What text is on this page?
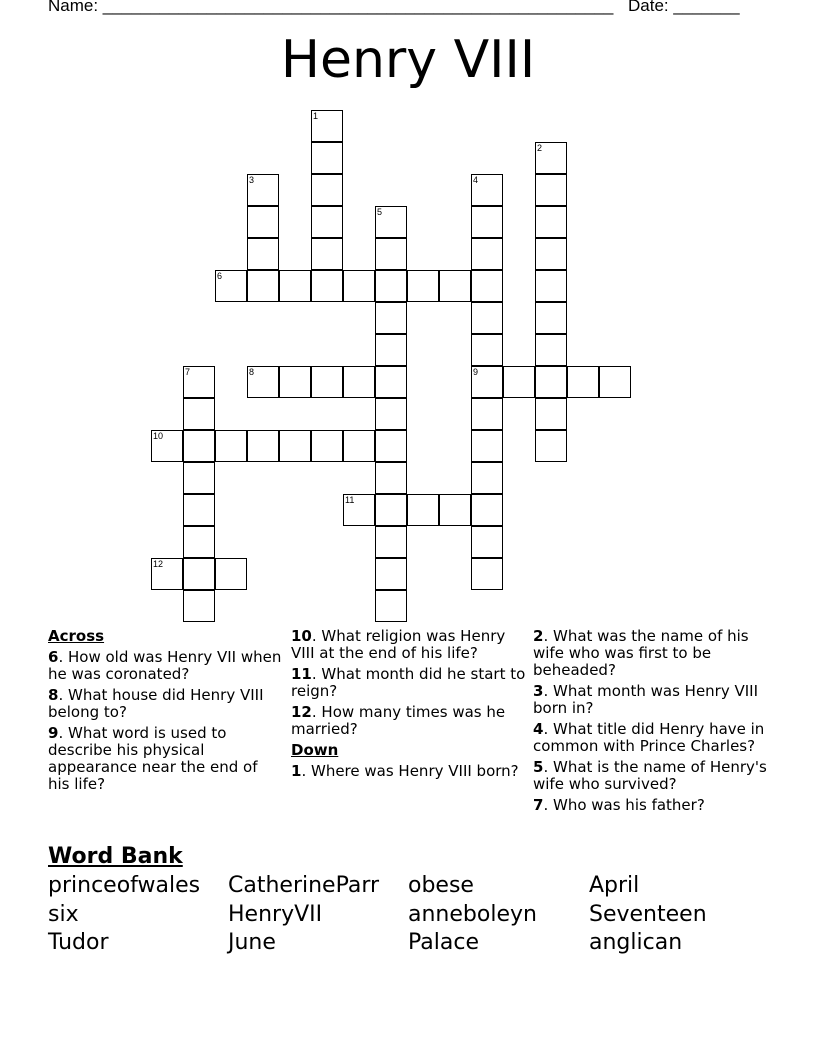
Name: ______________________________________________________ Date: _______
Henry VIII
1
2
3	4
5
6
7	8	9
10
11
12
Across

6. How old was Henry VII when he was coronated?

8. What house did Henry VIII belong to?

9. What word is used to describe his physical appearance near the end of his life?

10. What religion was Henry VIII at the end of his life?

11. What month did he start to reign?

12. How many times was he married?

Down

1. Where was Henry VIII born?

2. What was the name of his wife who was first to be beheaded?

3. What month was Henry VIII born in?

4. What title did Henry have in common with Prince Charles?

5. What is the name of Henry's wife who survived?

7. Who was his father?

Word Bank
princeofwales CatherineParr obese	April
six	HenryVII	anneboleyn Seventeen
Tudor	June	Palace	anglican
